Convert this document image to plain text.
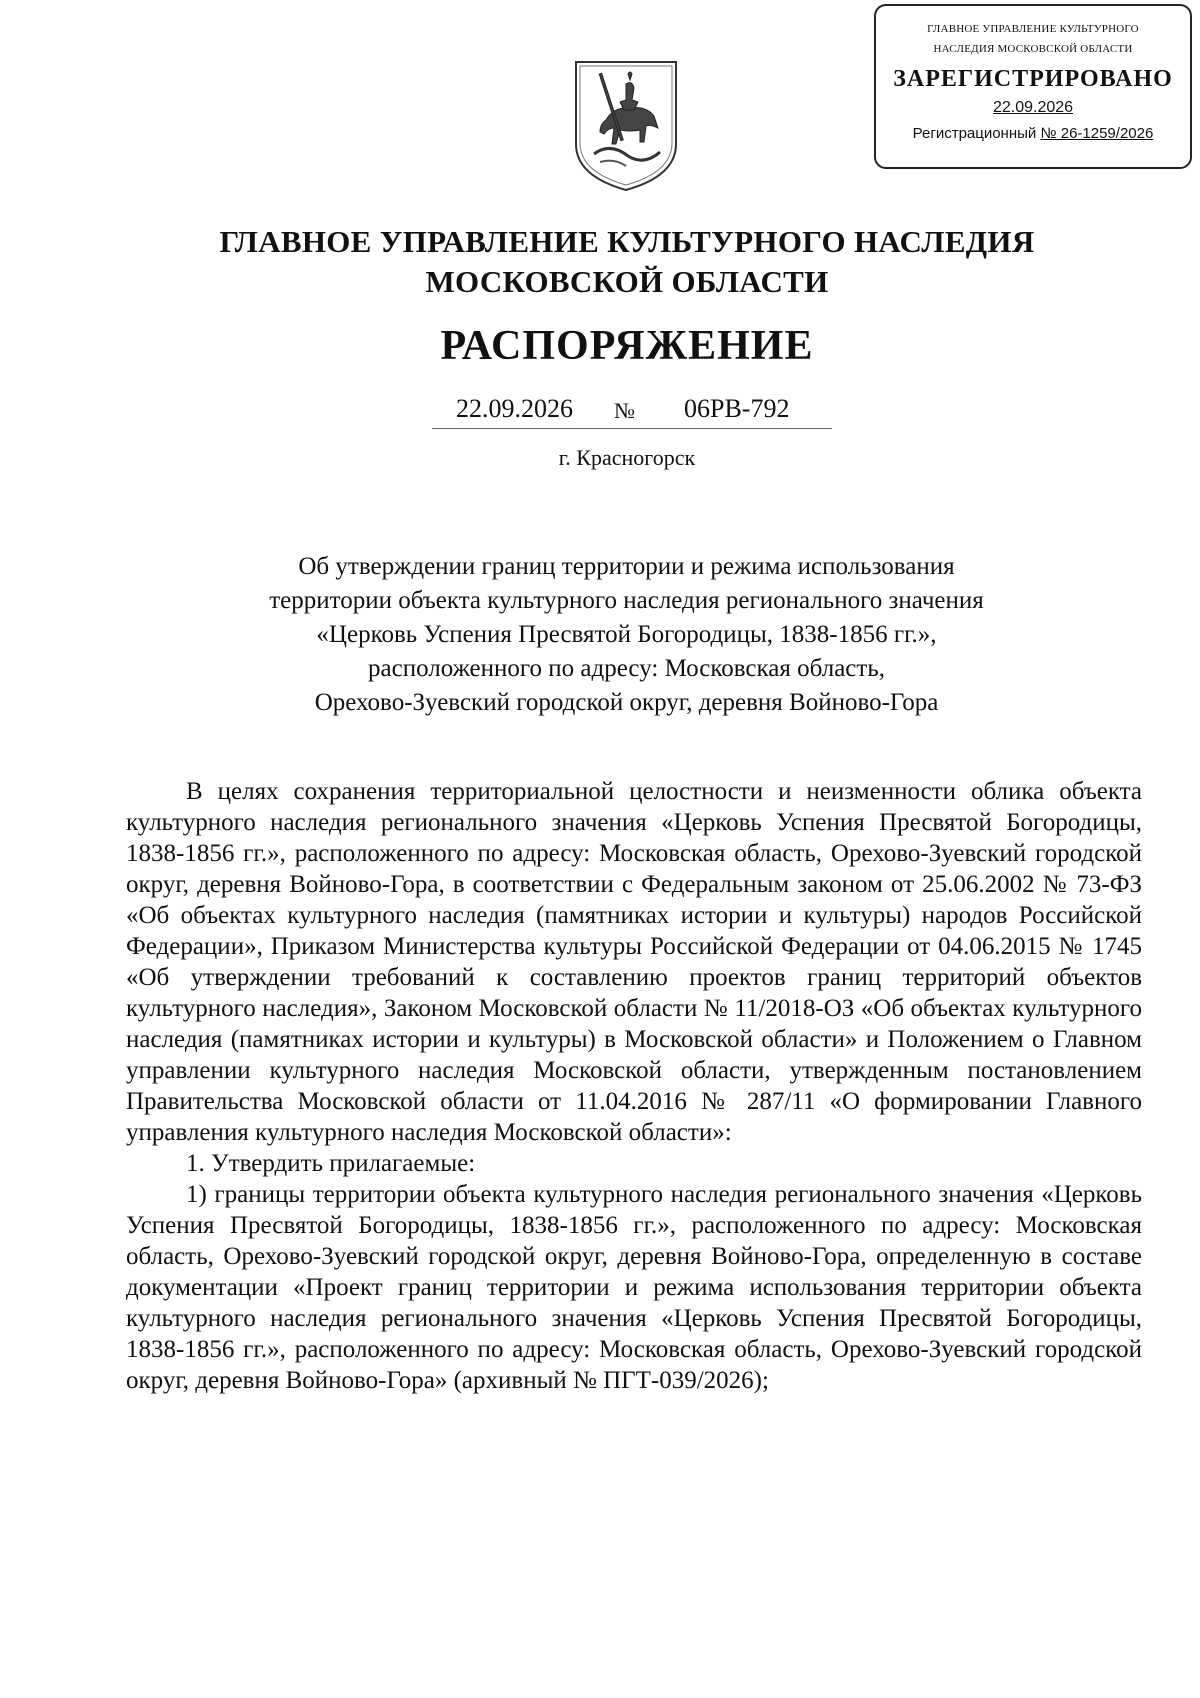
ГЛАВНОЕ УПРАВЛЕНИЕ КУЛЬТУРНОГО
НАСЛЕДИЯ МОСКОВСКОЙ ОБЛАСТИ
ЗАРЕГИСТРИРОВАНО
22.09.2026
Регистрационный № 26-1259/2026
ГЛАВНОЕ УПРАВЛЕНИЕ КУЛЬТУРНОГО НАСЛЕДИЯ
МОСКОВСКОЙ ОБЛАСТИ
РАСПОРЯЖЕНИЕ
22.09.2026 № 06РВ-792
г. Красногорск
Об утверждении границ территории и режима использования
территории объекта культурного наследия регионального значения
«Церковь Успения Пресвятой Богородицы, 1838-1856 гг.»,
расположенного по адресу: Московская область,
Орехово-Зуевский городской округ, деревня Войново-Гора

В целях сохранения территориальной целостности и неизменности облика объекта культурного наследия регионального значения «Церковь Успения Пресвятой Богородицы, 1838-1856 гг.», расположенного по адресу: Московская область, Орехово-Зуевский городской округ, деревня Войново-Гора, в соответствии с Федеральным законом от 25.06.2002 № 73-ФЗ «Об объектах культурного наследия (памятниках истории и культуры) народов Российской Федерации», Приказом Министерства культуры Российской Федерации от 04.06.2015 № 1745 «Об утверждении требований к составлению проектов границ территорий объектов культурного наследия», Законом Московской области № 11/2018-ОЗ «Об объектах культурного наследия (памятниках истории и культуры) в Московской области» и Положением о Главном управлении культурного наследия Московской области, утвержденным постановлением Правительства Московской области от 11.04.2016 № 287/11 «О формировании Главного управления культурного наследия Московской области»:

1. Утвердить прилагаемые:

1) границы территории объекта культурного наследия регионального значения «Церковь Успения Пресвятой Богородицы, 1838-1856 гг.», расположенного по адресу: Московская область, Орехово-Зуевский городской округ, деревня Войново-Гора, определенную в составе документации «Проект границ территории и режима использования территории объекта культурного наследия регионального значения «Церковь Успения Пресвятой Богородицы, 1838-1856 гг.», расположенного по адресу: Московская область, Орехово-Зуевский городской округ, деревня Войново-Гора» (архивный № ПГТ-039/2026);
